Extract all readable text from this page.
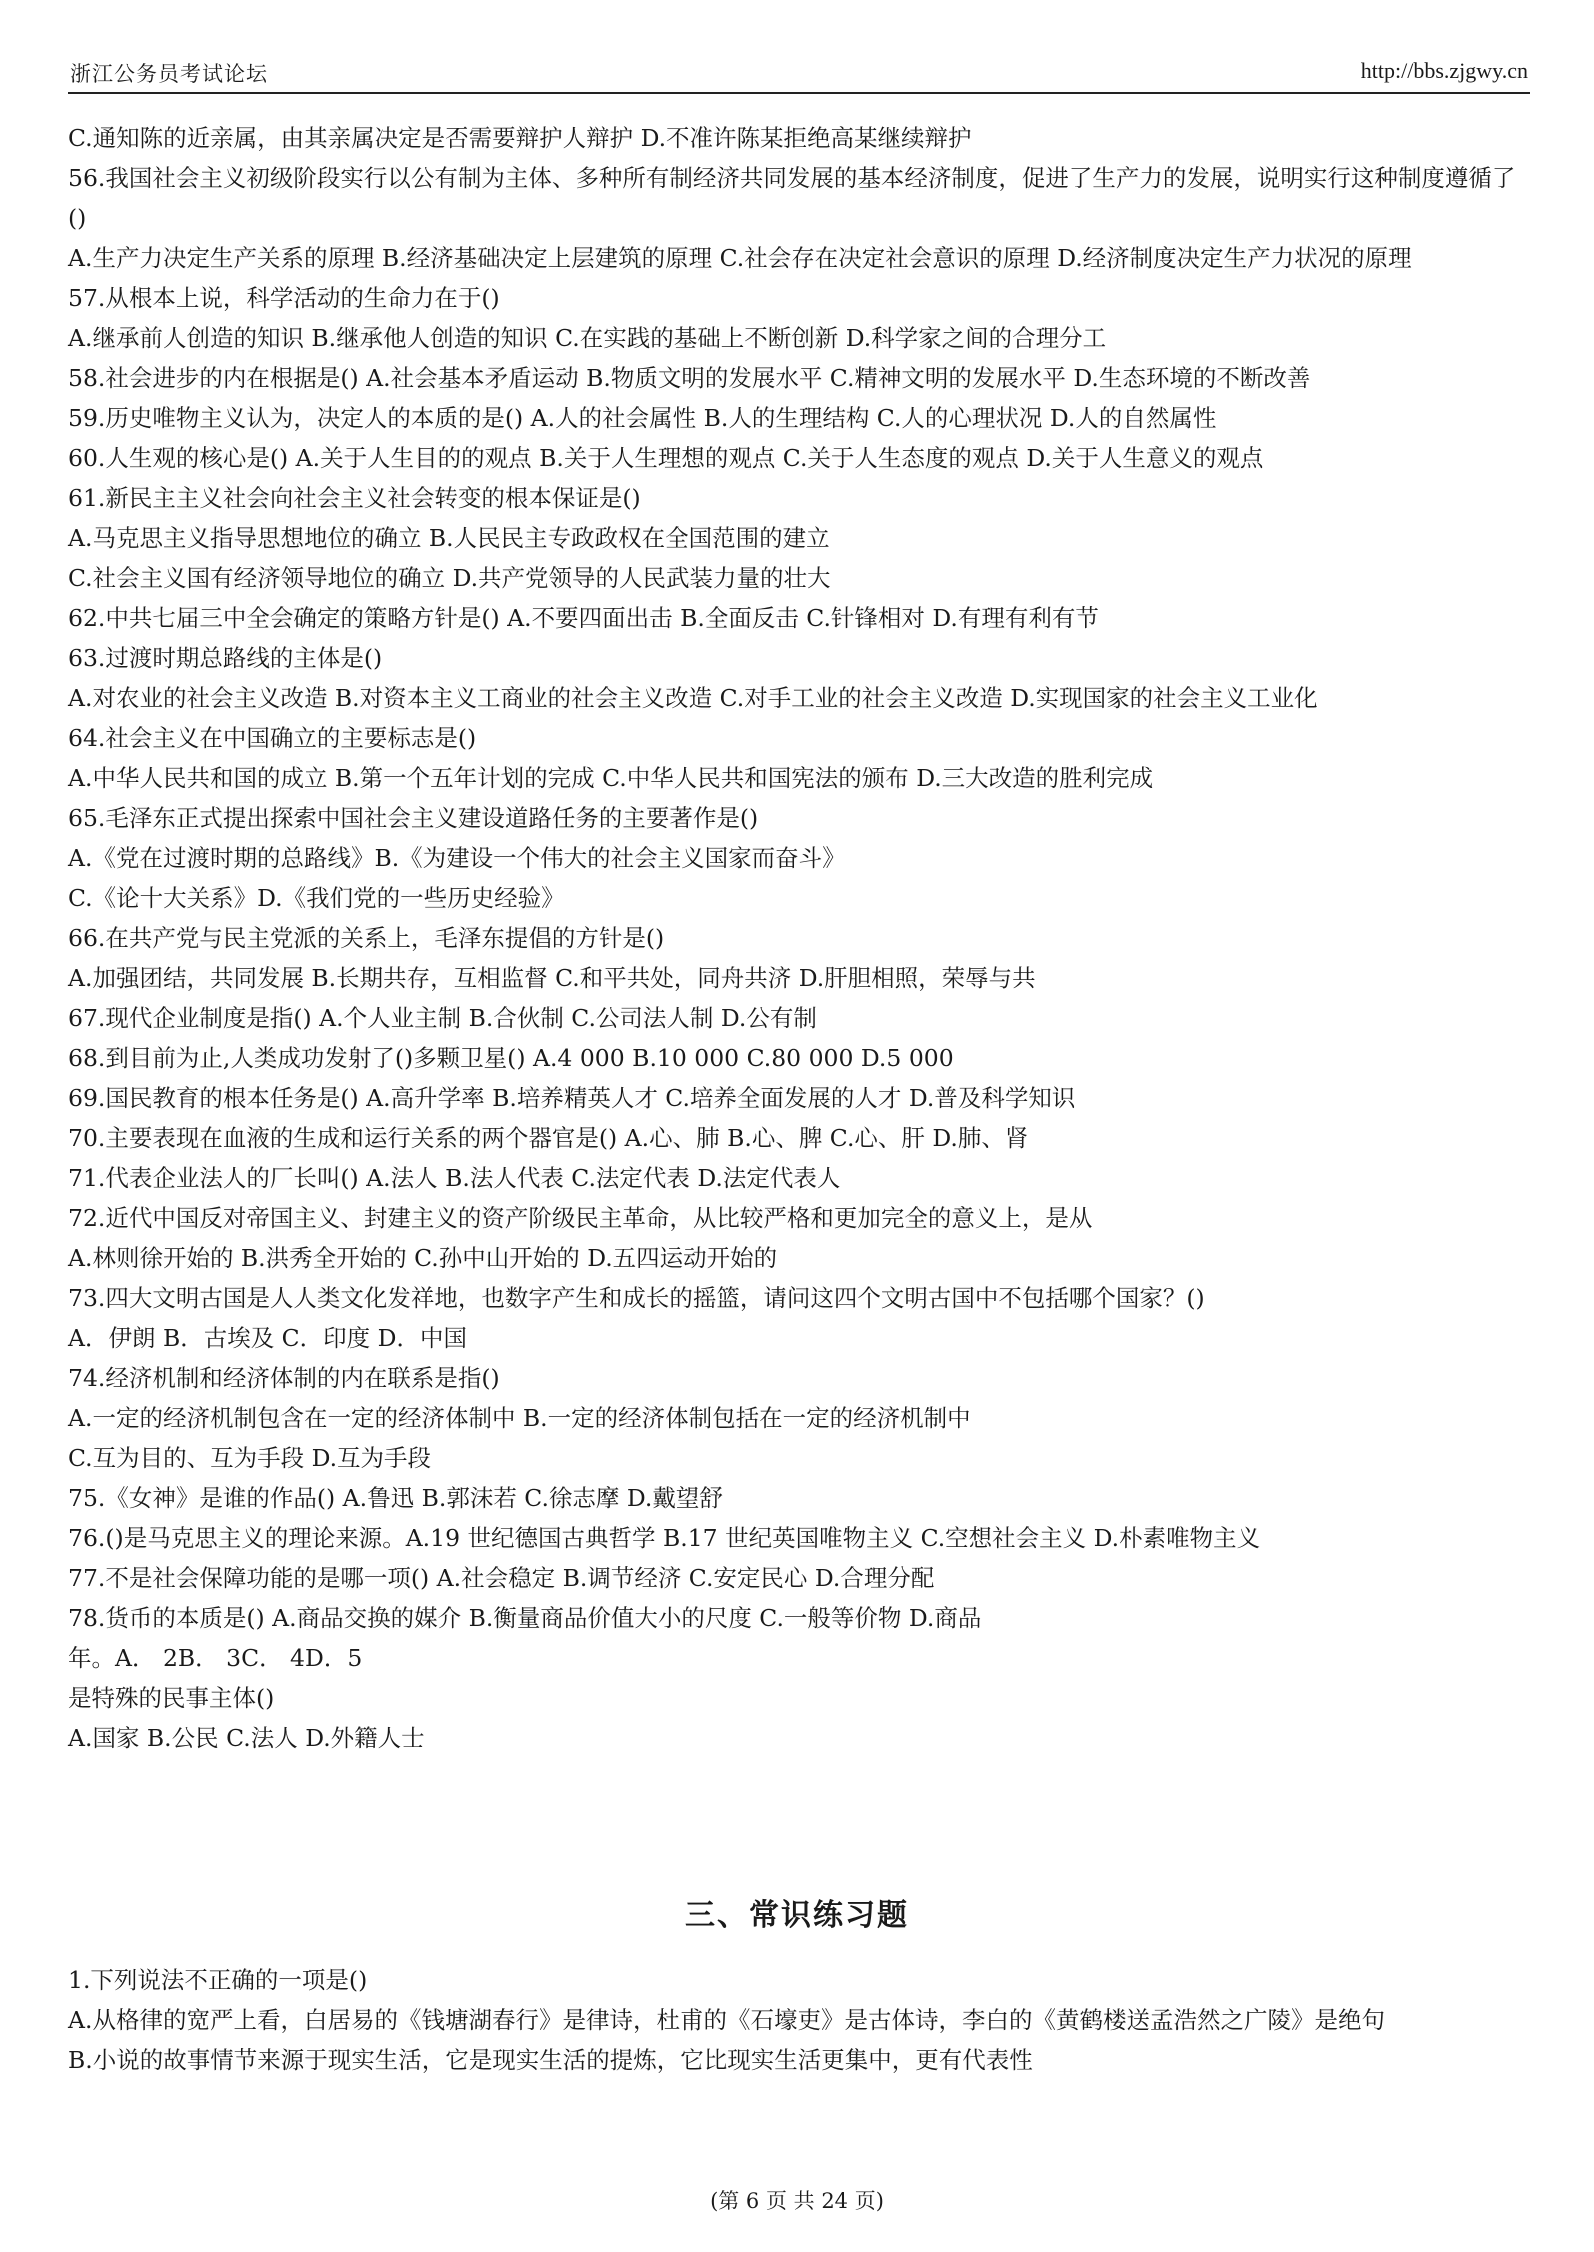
浙江公务员考试论坛	http://bbs.zjgwy.cn

C.通知陈的近亲属，由其亲属决定是否需要辩护人辩护 D.不准许陈某拒绝高某继续辩护

56.我国社会主义初级阶段实行以公有制为主体、多种所有制经济共同发展的基本经济制度，促进了生产力的发展，说明实行这种制度遵循了()

A.生产力决定生产关系的原理 B.经济基础决定上层建筑的原理 C.社会存在决定社会意识的原理 D.经济制度决定生产力状况的原理

57.从根本上说，科学活动的生命力在于()

A.继承前人创造的知识 B.继承他人创造的知识 C.在实践的基础上不断创新 D.科学家之间的合理分工

58.社会进步的内在根据是() A.社会基本矛盾运动 B.物质文明的发展水平 C.精神文明的发展水平 D.生态环境的不断改善

59.历史唯物主义认为，决定人的本质的是() A.人的社会属性 B.人的生理结构 C.人的心理状况 D.人的自然属性

60.人生观的核心是() A.关于人生目的的观点 B.关于人生理想的观点 C.关于人生态度的观点 D.关于人生意义的观点

61.新民主主义社会向社会主义社会转变的根本保证是()

A.马克思主义指导思想地位的确立 B.人民民主专政政权在全国范围的建立

C.社会主义国有经济领导地位的确立 D.共产党领导的人民武装力量的壮大

62.中共七届三中全会确定的策略方针是() A.不要四面出击 B.全面反击 C.针锋相对 D.有理有利有节

63.过渡时期总路线的主体是()

A.对农业的社会主义改造 B.对资本主义工商业的社会主义改造 C.对手工业的社会主义改造 D.实现国家的社会主义工业化

64.社会主义在中国确立的主要标志是()

A.中华人民共和国的成立 B.第一个五年计划的完成 C.中华人民共和国宪法的颁布 D.三大改造的胜利完成

65.毛泽东正式提出探索中国社会主义建设道路任务的主要著作是()

A.《党在过渡时期的总路线》B.《为建设一个伟大的社会主义国家而奋斗》

C.《论十大关系》D.《我们党的一些历史经验》

66.在共产党与民主党派的关系上，毛泽东提倡的方针是()

A.加强团结，共同发展 B.长期共存，互相监督 C.和平共处，同舟共济 D.肝胆相照，荣辱与共

67.现代企业制度是指() A.个人业主制 B.合伙制 C.公司法人制 D.公有制

68.到目前为止,人类成功发射了()多颗卫星() A.4 000 B.10 000 C.80 000 D.5 000

69.国民教育的根本任务是() A.高升学率 B.培养精英人才 C.培养全面发展的人才 D.普及科学知识

70.主要表现在血液的生成和运行关系的两个器官是() A.心、肺 B.心、脾 C.心、肝 D.肺、肾

71.代表企业法人的厂长叫() A.法人 B.法人代表 C.法定代表 D.法定代表人

72.近代中国反对帝国主义、封建主义的资产阶级民主革命，从比较严格和更加完全的意义上，是从

A.林则徐开始的 B.洪秀全开始的 C.孙中山开始的 D.五四运动开始的

73.四大文明古国是人人类文化发祥地，也数字产生和成长的摇篮，请问这四个文明古国中不包括哪个国家？()

A．伊朗 B．古埃及 C．印度 D．中国

74.经济机制和经济体制的内在联系是指()

A.一定的经济机制包含在一定的经济体制中 B.一定的经济体制包括在一定的经济机制中

C.互为目的、互为手段 D.互为手段

75.《女神》是谁的作品() A.鲁迅 B.郭沫若 C.徐志摩 D.戴望舒

76.()是马克思主义的理论来源。A.19 世纪德国古典哲学 B.17 世纪英国唯物主义 C.空想社会主义 D.朴素唯物主义

77.不是社会保障功能的是哪一项() A.社会稳定 B.调节经济 C.安定民心 D.合理分配

78.货币的本质是() A.商品交换的媒介 B.衡量商品价值大小的尺度 C.一般等价物 D.商品

年。A． 2B． 3C． 4D．5

是特殊的民事主体()

A.国家 B.公民 C.法人 D.外籍人士

三、常识练习题

1.下列说法不正确的一项是()

A.从格律的宽严上看，白居易的《钱塘湖春行》是律诗，杜甫的《石壕吏》是古体诗，李白的《黄鹤楼送孟浩然之广陵》是绝句

B.小说的故事情节来源于现实生活，它是现实生活的提炼，它比现实生活更集中，更有代表性

(第 6 页 共 24 页)
